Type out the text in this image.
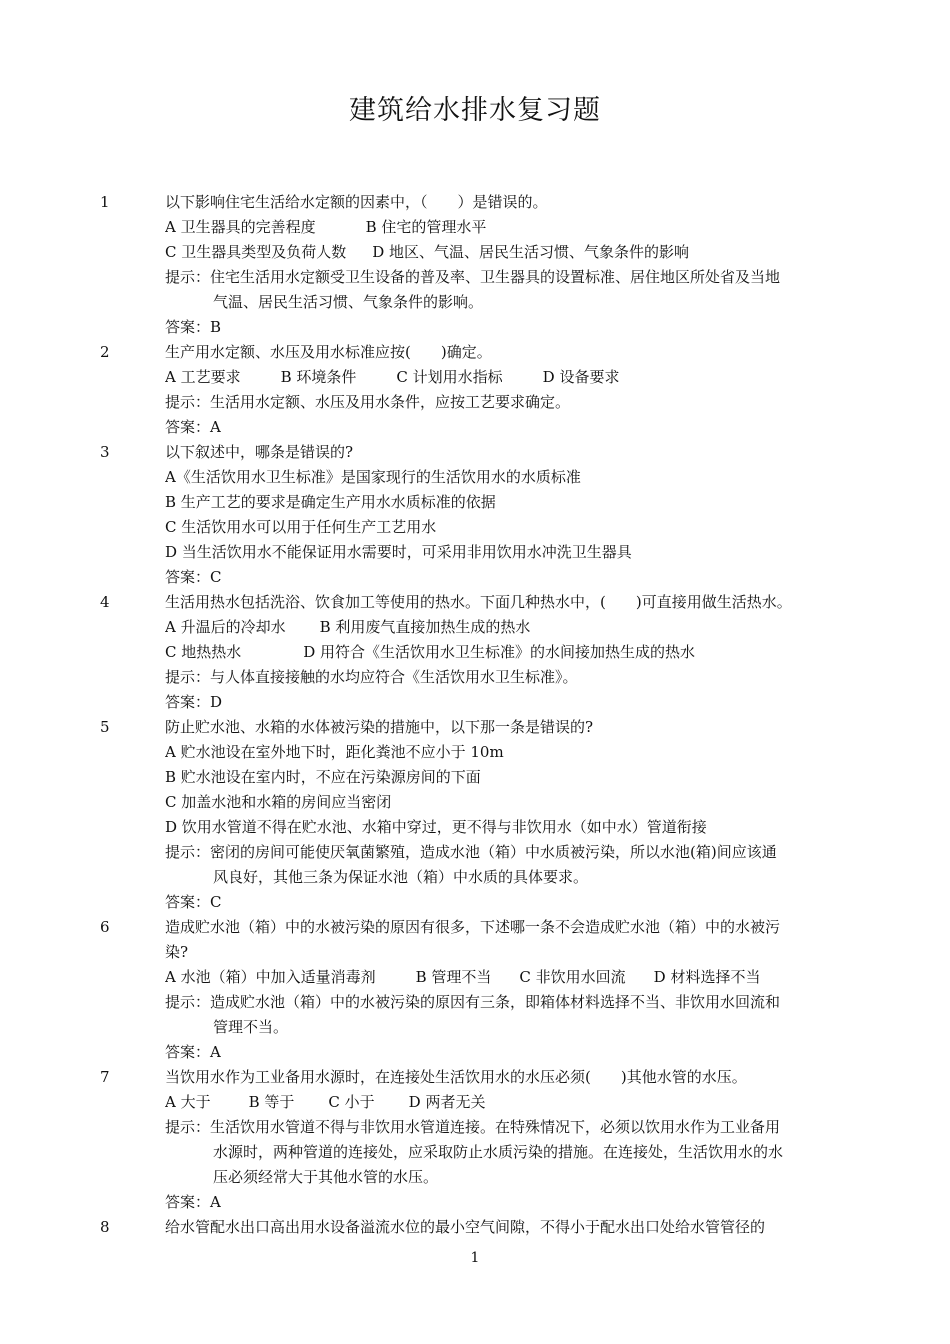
建筑给水排水复习题
1	以下影响住宅生活给水定额的因素中，（　　）是错误的。
A 卫生器具的完善程度	B 住宅的管理水平
C 卫生器具类型及负荷人数 D 地区、气温、居民生活习惯、气象条件的影响
提示：住宅生活用水定额受卫生设备的普及率、卫生器具的设置标准、居住地区所处省及当地
气温、居民生活习惯、气象条件的影响。
答案：B
2	生产用水定额、水压及用水标准应按(　　)确定。
A 工艺要求	B 环境条件	C 计划用水指标	D 设备要求
提示：生活用水定额、水压及用水条件，应按工艺要求确定。
答案：A
3	以下叙述中，哪条是错误的?
A《生活饮用水卫生标准》是国家现行的生活饮用水的水质标准
B 生产工艺的要求是确定生产用水水质标准的依据
C 生活饮用水可以用于任何生产工艺用水
D 当生活饮用水不能保证用水需要时，可采用非用饮用水冲洗卫生器具
答案：C
4	生活用热水包括洗浴、饮食加工等使用的热水。下面几种热水中，(　　)可直接用做生活热水。
A 升温后的冷却水 B 利用废气直接加热生成的热水
C 地热热水	D 用符合《生活饮用水卫生标准》的水间接加热生成的热水
提示：与人体直接接触的水均应符合《生活饮用水卫生标准》。
答案：D
5	防止贮水池、水箱的水体被污染的措施中，以下那一条是错误的?
A 贮水池设在室外地下时，距化粪池不应小于 10m
B 贮水池设在室内时，不应在污染源房间的下面
C 加盖水池和水箱的房间应当密闭
D 饮用水管道不得在贮水池、水箱中穿过，更不得与非饮用水（如中水）管道衔接
提示：密闭的房间可能使厌氧菌繁殖，造成水池（箱）中水质被污染，所以水池(箱)间应该通
风良好，其他三条为保证水池（箱）中水质的具体要求。
答案：C
6	造成贮水池（箱）中的水被污染的原因有很多，下述哪一条不会造成贮水池（箱）中的水被污
染?
A 水池（箱）中加入适量消毒剂	B 管理不当 C 非饮用水回流 D 材料选择不当
提示：造成贮水池（箱）中的水被污染的原因有三条，即箱体材料选择不当、非饮用水回流和
管理不当。
答案：A
7	当饮用水作为工业备用水源时，在连接处生活饮用水的水压必须(　　)其他水管的水压。
A 大于	B 等于 C 小于 D 两者无关
提示：生活饮用水管道不得与非饮用水管道连接。在特殊情况下，必须以饮用水作为工业备用
水源时，两种管道的连接处，应采取防止水质污染的措施。在连接处，生活饮用水的水
压必须经常大于其他水管的水压。
答案：A
8	给水管配水出口高出用水设备溢流水位的最小空气间隙，不得小于配水出口处给水管管径的
1
